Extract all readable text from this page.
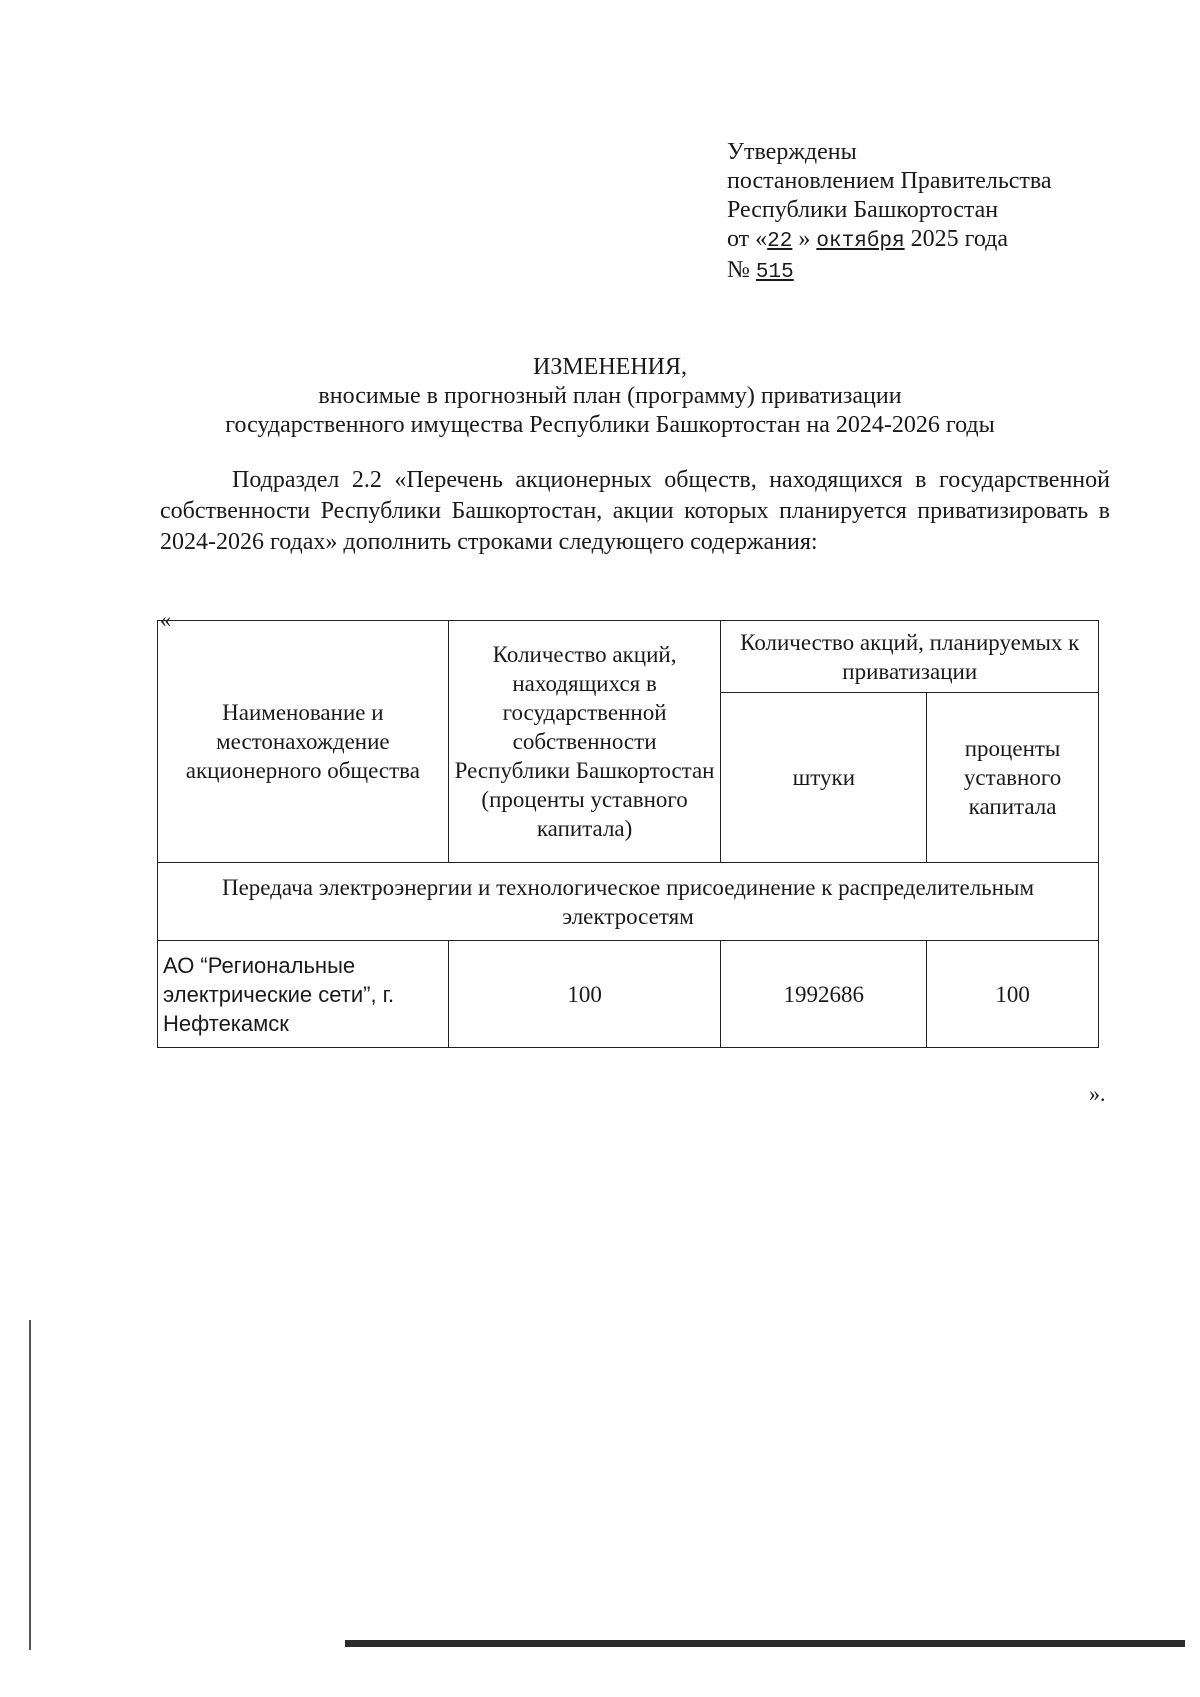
Утверждены
постановлением Правительства
Республики Башкортостан
от «22 » октября 2025 года
№ 515
ИЗМЕНЕНИЯ,
вносимые в прогнозный план (программу) приватизации
государственного имущества Республики Башкортостан на 2024-2026 годы
Подраздел 2.2 «Перечень акционерных обществ, находящихся в государственной собственности Республики Башкортостан, акции которых планируется приватизировать в 2024-2026 годах» дополнить строками следующего содержания:
«
Наименование и местонахождение акционерного общества	Количество акций, находящихся в государственной собственности Республики Башкортостан (проценты уставного капитала)	Количество акций, планируемых к приватизации	
		штуки	проценты уставного капитала
Передача электроэнергии и технологическое присоединение к распределительным электросетям			
АО “Региональные электрические сети”, г. Нефтекамск	100	1992686	100
».
